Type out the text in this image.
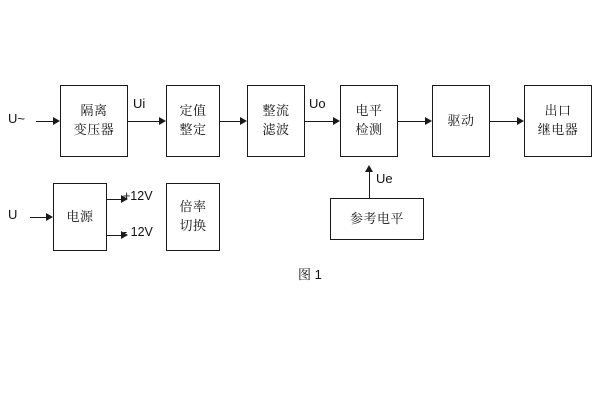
隔离
变压器
定值
整定
整流
滤波
电平
检测
驱动
出口
继电器
电源
倍率
切换	参考电平
U~
U
Ui	Uo
Ue
+12V
- 12V
图 1
